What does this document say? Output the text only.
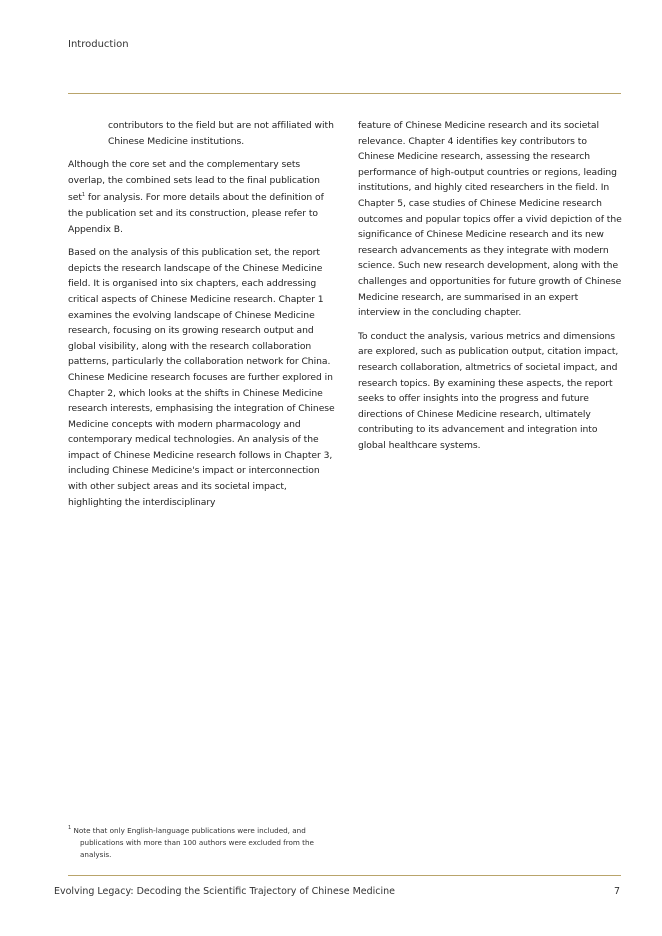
Introduction

contributors to the field but are not affiliated with Chinese Medicine institutions.

Although the core set and the complementary sets overlap, the combined sets lead to the final publication set$^1$ for analysis. For more details about the definition of the publication set and its construction, please refer to Appendix B.

Based on the analysis of this publication set, the report depicts the research landscape of the Chinese Medicine field. It is organised into six chapters, each addressing critical aspects of Chinese Medicine research. Chapter 1 examines the evolving landscape of Chinese Medicine research, focusing on its growing research output and global visibility, along with the research collaboration patterns, particularly the collaboration network for China. Chinese Medicine research focuses are further explored in Chapter 2, which looks at the shifts in Chinese Medicine research interests, emphasising the integration of Chinese Medicine concepts with modern pharmacology and contemporary medical technologies. An analysis of the impact of Chinese Medicine research follows in Chapter 3, including Chinese Medicine's impact or interconnection with other subject areas and its societal impact, highlighting the interdisciplinary

feature of Chinese Medicine research and its societal relevance. Chapter 4 identifies key contributors to Chinese Medicine research, assessing the research performance of high-output countries or regions, leading institutions, and highly cited researchers in the field. In Chapter 5, case studies of Chinese Medicine research outcomes and popular topics offer a vivid depiction of the significance of Chinese Medicine research and its new research advancements as they integrate with modern science. Such new research development, along with the challenges and opportunities for future growth of Chinese Medicine research, are summarised in an expert interview in the concluding chapter.

To conduct the analysis, various metrics and dimensions are explored, such as publication output, citation impact, research collaboration, altmetrics of societal impact, and research topics. By examining these aspects, the report seeks to offer insights into the progress and future directions of Chinese Medicine research, ultimately contributing to its advancement and integration into global healthcare systems.

$^1$ Note that only English-language publications were included, and publications with more than 100 authors were excluded from the analysis.
Evolving Legacy: Decoding the Scientific Trajectory of Chinese Medicine	7
